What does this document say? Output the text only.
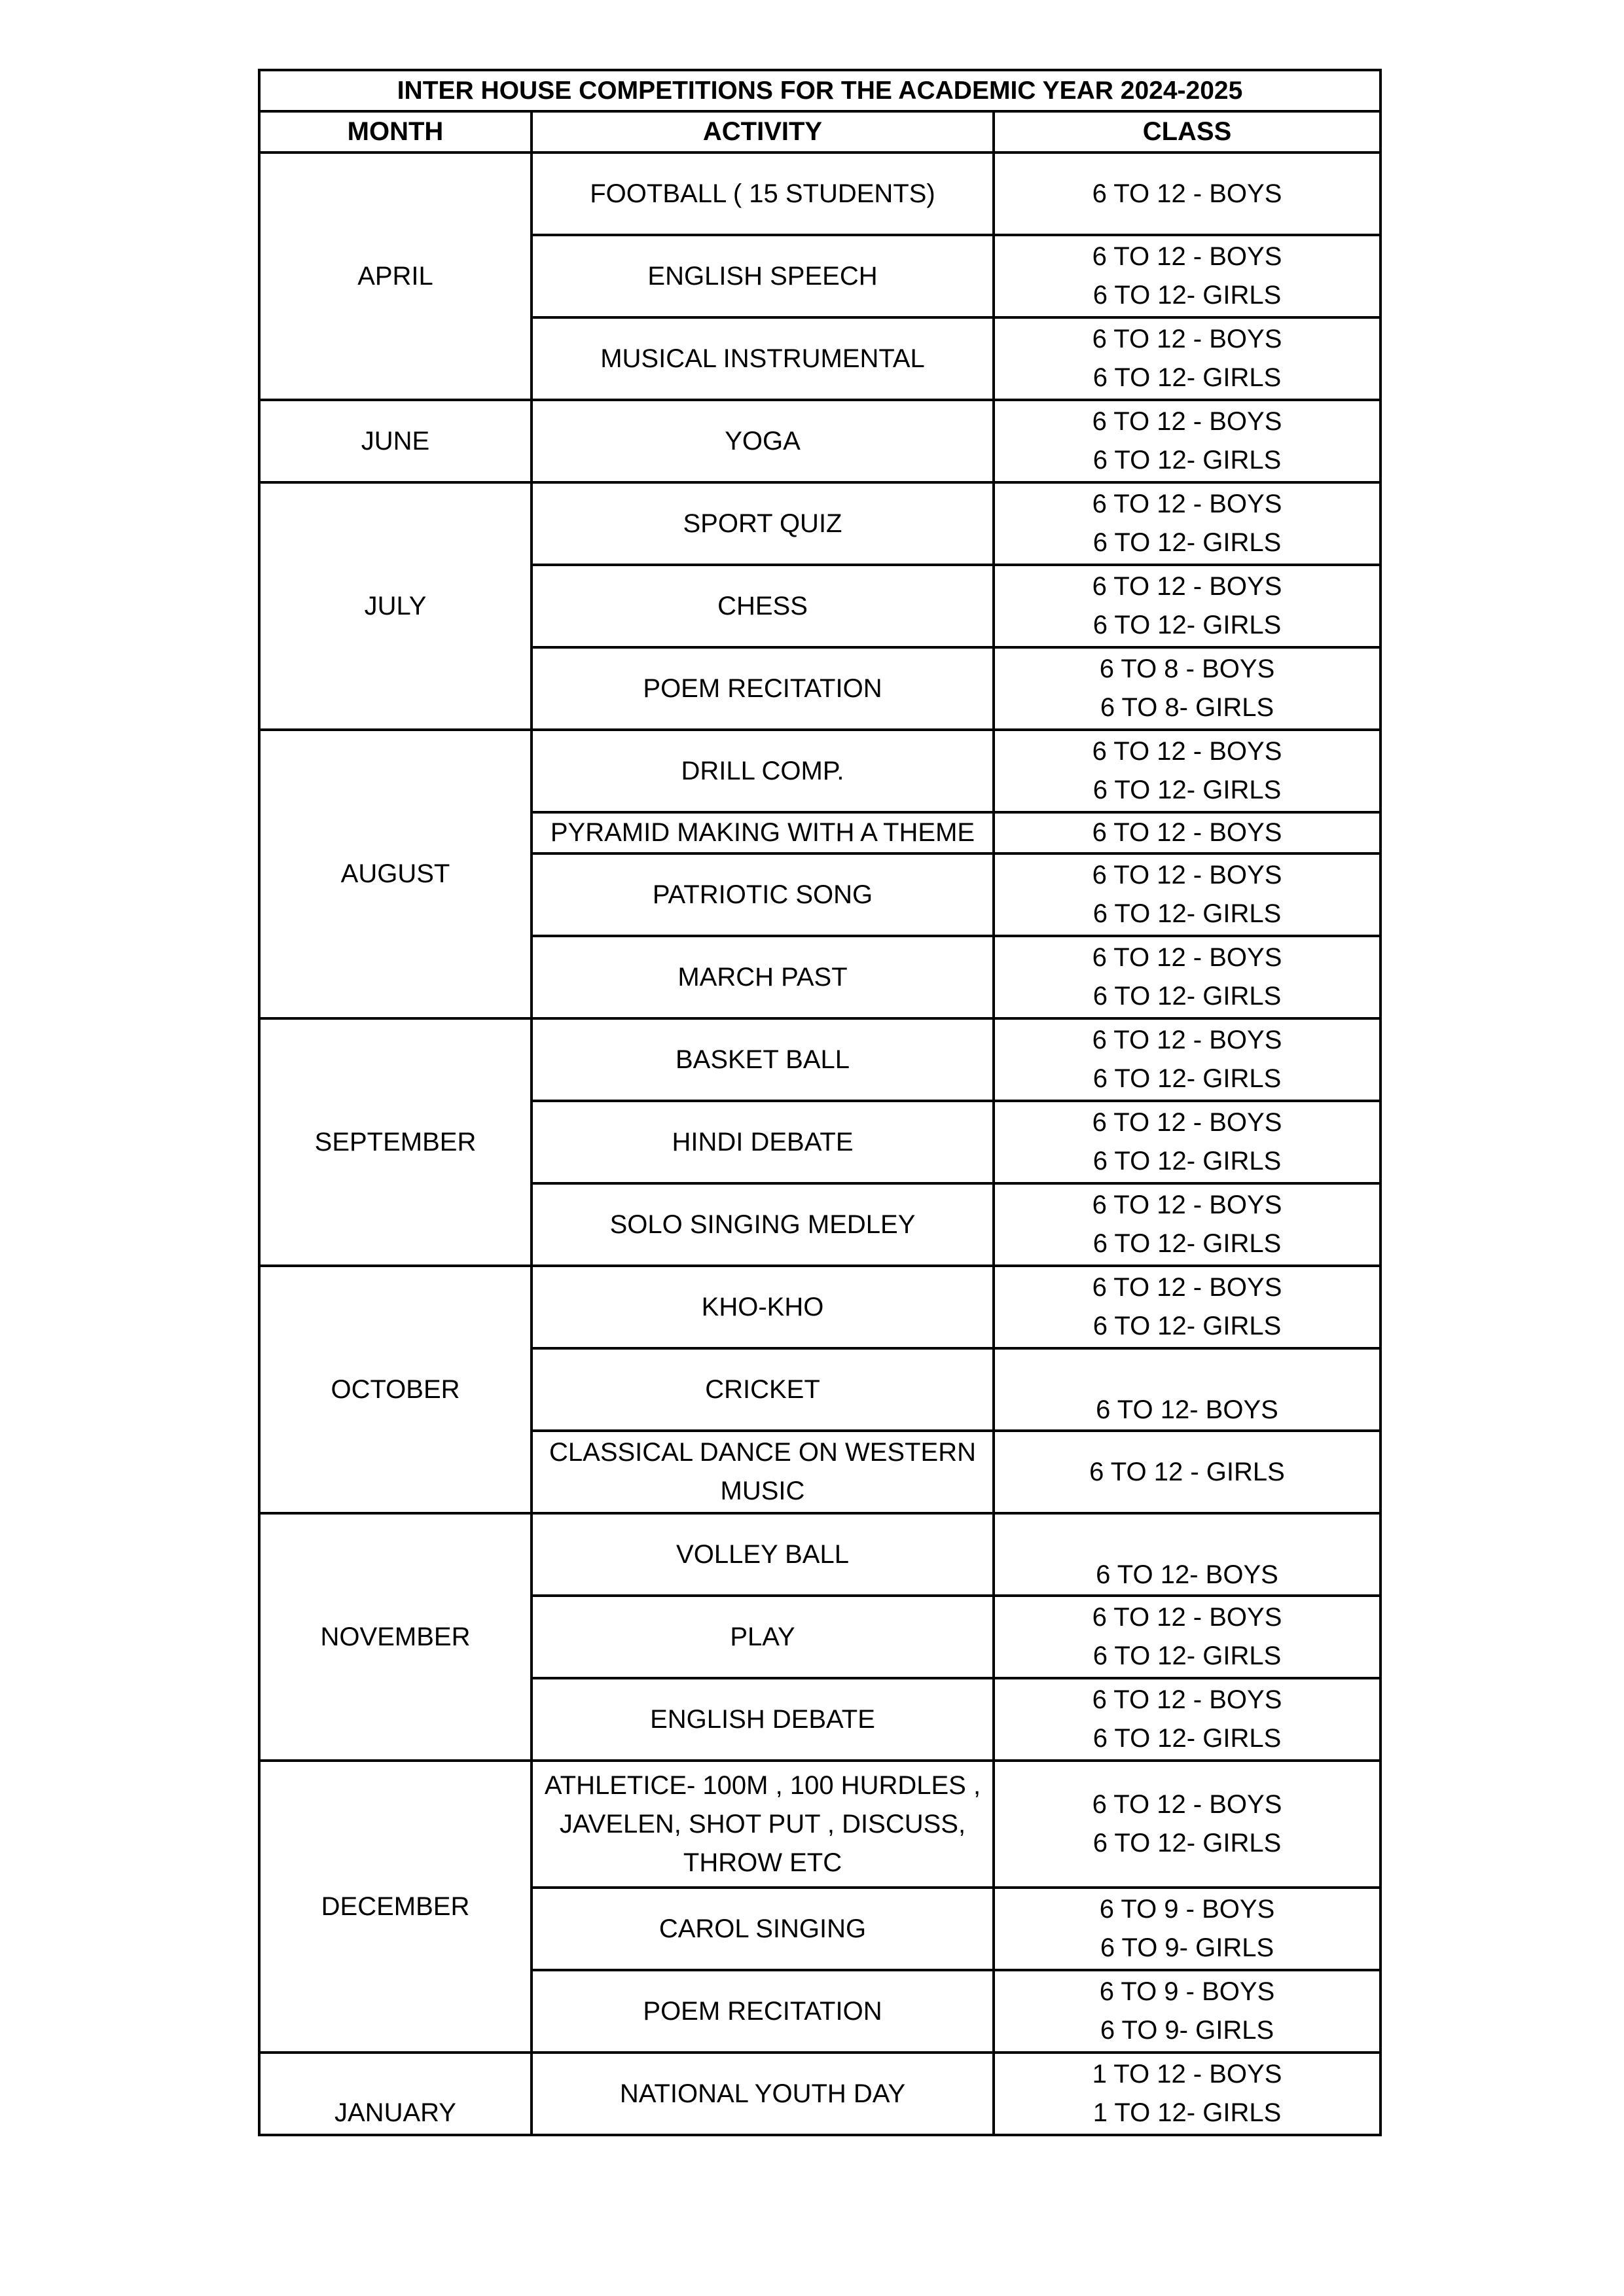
INTER HOUSE COMPETITIONS FOR THE ACADEMIC YEAR 2024-2025		
MONTH	ACTIVITY	CLASS
APRIL	FOOTBALL ( 15 STUDENTS)	6 TO 12 - BOYS

	ENGLISH SPEECH	6 TO 12 - BOYS
6 TO 12- GIRLS

	MUSICAL INSTRUMENTAL	6 TO 12 - BOYS
6 TO 12- GIRLS

JUNE	YOGA	6 TO 12 - BOYS
6 TO 12- GIRLS

JULY	SPORT QUIZ	6 TO 12 - BOYS
6 TO 12- GIRLS

	CHESS	6 TO 12 - BOYS
6 TO 12- GIRLS

	POEM RECITATION	6 TO 8 - BOYS
6 TO 8- GIRLS

AUGUST	DRILL COMP.	6 TO 12 - BOYS
6 TO 12- GIRLS

	PYRAMID MAKING WITH A THEME	6 TO 12 - BOYS

	PATRIOTIC SONG	6 TO 12 - BOYS
6 TO 12- GIRLS

	MARCH PAST	6 TO 12 - BOYS
6 TO 12- GIRLS

SEPTEMBER	BASKET BALL	6 TO 12 - BOYS
6 TO 12- GIRLS

	HINDI DEBATE	6 TO 12 - BOYS
6 TO 12- GIRLS

	SOLO SINGING MEDLEY	6 TO 12 - BOYS
6 TO 12- GIRLS

OCTOBER	KHO-KHO	6 TO 12 - BOYS
6 TO 12- GIRLS

	CRICKET	6 TO 12- BOYS

	CLASSICAL DANCE ON WESTERN
MUSIC	6 TO 12 - GIRLS

NOVEMBER	VOLLEY BALL	6 TO 12- BOYS

	PLAY	6 TO 12 - BOYS
6 TO 12- GIRLS

	ENGLISH DEBATE	6 TO 12 - BOYS
6 TO 12- GIRLS

DECEMBER	ATHLETICE- 100M , 100 HURDLES ,
JAVELEN, SHOT PUT , DISCUSS,
THROW ETC	6 TO 12 - BOYS
6 TO 12- GIRLS

	CAROL SINGING	6 TO 9 - BOYS
6 TO 9- GIRLS

	POEM RECITATION	6 TO 9 - BOYS
6 TO 9- GIRLS

JANUARY	NATIONAL YOUTH DAY	1 TO 12 - BOYS
1 TO 12- GIRLS
